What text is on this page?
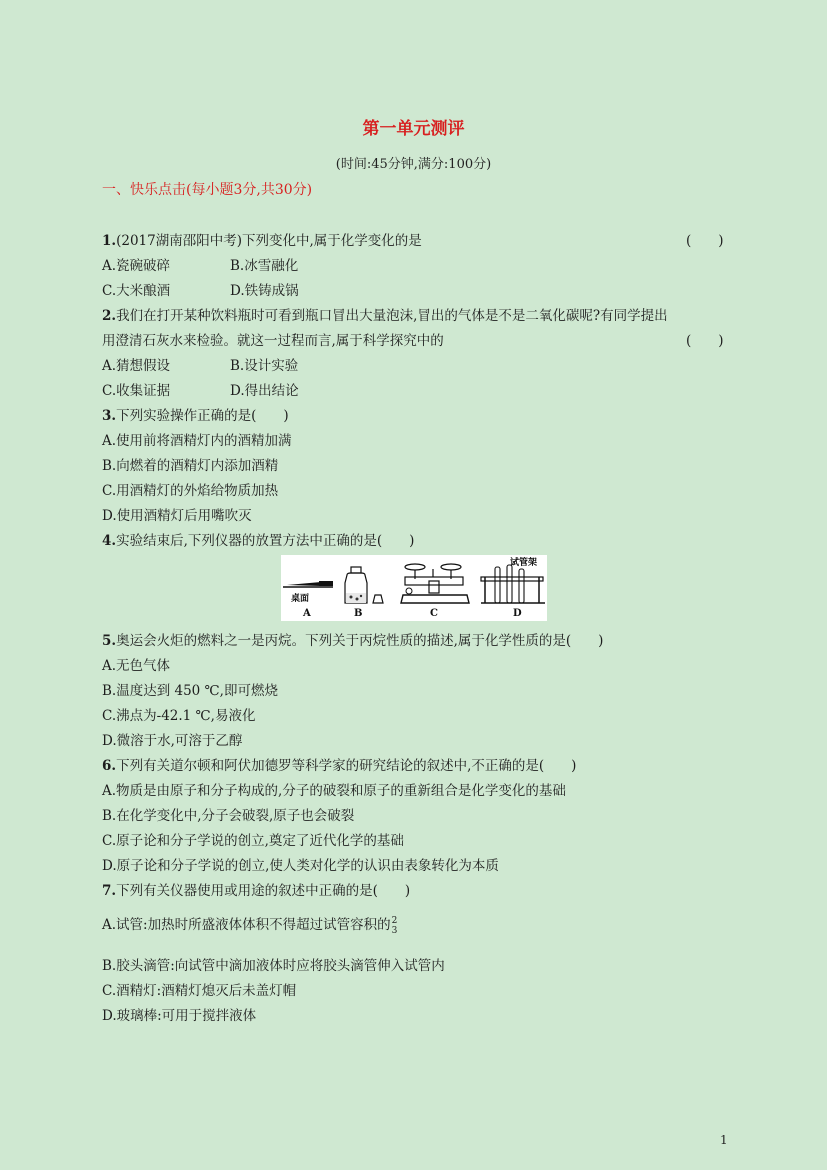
第一单元测评
(时间:45分钟,满分:100分)
一、快乐点击(每小题3分,共30分)
1.(2017湖南邵阳中考)下列变化中,属于化学变化的是	(　　)
A.瓷碗破碎	B.冰雪融化
C.大米酿酒	D.铁铸成锅
2.我们在打开某种饮料瓶时可看到瓶口冒出大量泡沫,冒出的气体是不是二氧化碳呢?有同学提出
用澄清石灰水来检验。就这一过程而言,属于科学探究中的	(　　)
A.猜想假设	B.设计实验
C.收集证据	D.得出结论
3.下列实验操作正确的是(　　)
A.使用前将酒精灯内的酒精加满
B.向燃着的酒精灯内添加酒精
C.用酒精灯的外焰给物质加热
D.使用酒精灯后用嘴吹灭
4.实验结束后,下列仪器的放置方法中正确的是(　　)
桌面
试管架
A	B	C	D
5.奥运会火炬的燃料之一是丙烷。下列关于丙烷性质的描述,属于化学性质的是(　　)
A.无色气体
B.温度达到 450 ℃,即可燃烧
C.沸点为-42.1 ℃,易液化
D.微溶于水,可溶于乙醇
6.下列有关道尔顿和阿伏加德罗等科学家的研究结论的叙述中,不正确的是(　　)
A.物质是由原子和分子构成的,分子的破裂和原子的重新组合是化学变化的基础
B.在化学变化中,分子会破裂,原子也会破裂
C.原子论和分子学说的创立,奠定了近代化学的基础
D.原子论和分子学说的创立,使人类对化学的认识由表象转化为本质
7.下列有关仪器使用或用途的叙述中正确的是(　　)
A.试管:加热时所盛液体体积不得超过试管容积的 2
3
B.胶头滴管:向试管中滴加液体时应将胶头滴管伸入试管内
C.酒精灯:酒精灯熄灭后未盖灯帽
D.玻璃棒:可用于搅拌液体
1
